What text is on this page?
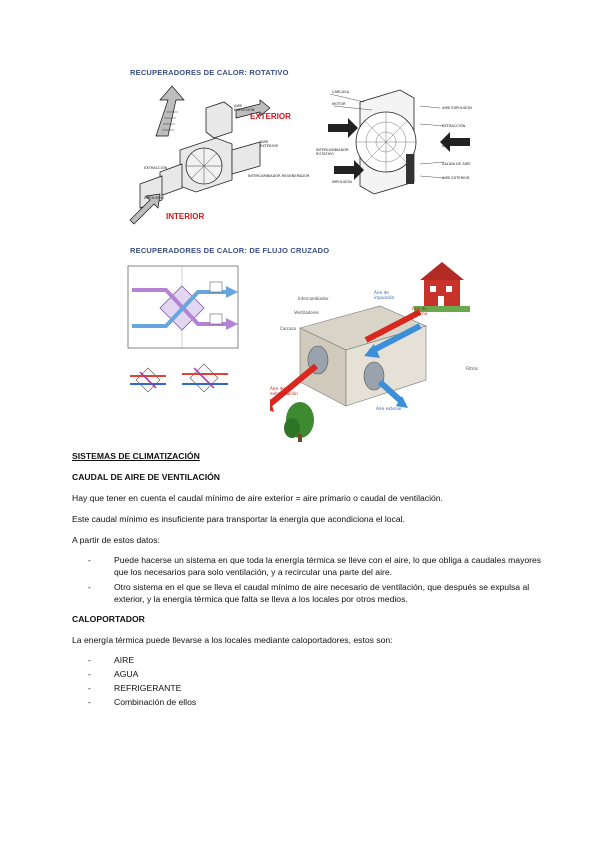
RECUPERADORES DE CALOR: ROTATIVO
AIRE EXPULSIÓN
EXTERIOR
AIRE EXTERIOR
EXTRACCIÓN
INTERCAMBIADOR REGENERADOR
IMPULSIÓN
INTERIOR
CARCASA
MOTOR
INTERCAMBIADOR ROTATIVO
AIRE EXPULSIÓN
EXTRACCIÓN
CÁMARA DE AIRE
SALIDA DE AIRE
AIRE EXTERIOR
IMPULSIÓN
RECUPERADORES DE CALOR: DE FLUJO CRUZADO
Intercambiador
Ventiladores
Carcasa
Aire de impulsión
Aire de retorno
Filtros
Aire de exhaustación
Aire exterior
SISTEMAS DE CLIMATIZACIÓN
CAUDAL DE AIRE DE VENTILACIÓN
Hay que tener en cuenta el caudal mínimo de aire exterior = aire primario o caudal de ventilación.
Este caudal mínimo es insuficiente para transportar la energía que acondiciona el local.
A partir de estos datos:
-	Puede hacerse un sistema en que toda la energía térmica se lleve con el aire, lo que obliga a caudales mayores que los necesarios para solo ventilación, y a recircular una parte del aire.
-	Otro sistema en el que se lleva el caudal mínimo de aire necesario de ventilación, que después se expulsa al exterior, y la energía térmica que falta se lleva a los locales por otros medios.
CALOPORTADOR
La energía térmica puede llevarse a los locales mediante caloportadores, estos son:
-	AIRE
-	AGUA
-	REFRIGERANTE
-	Combinación de ellos
